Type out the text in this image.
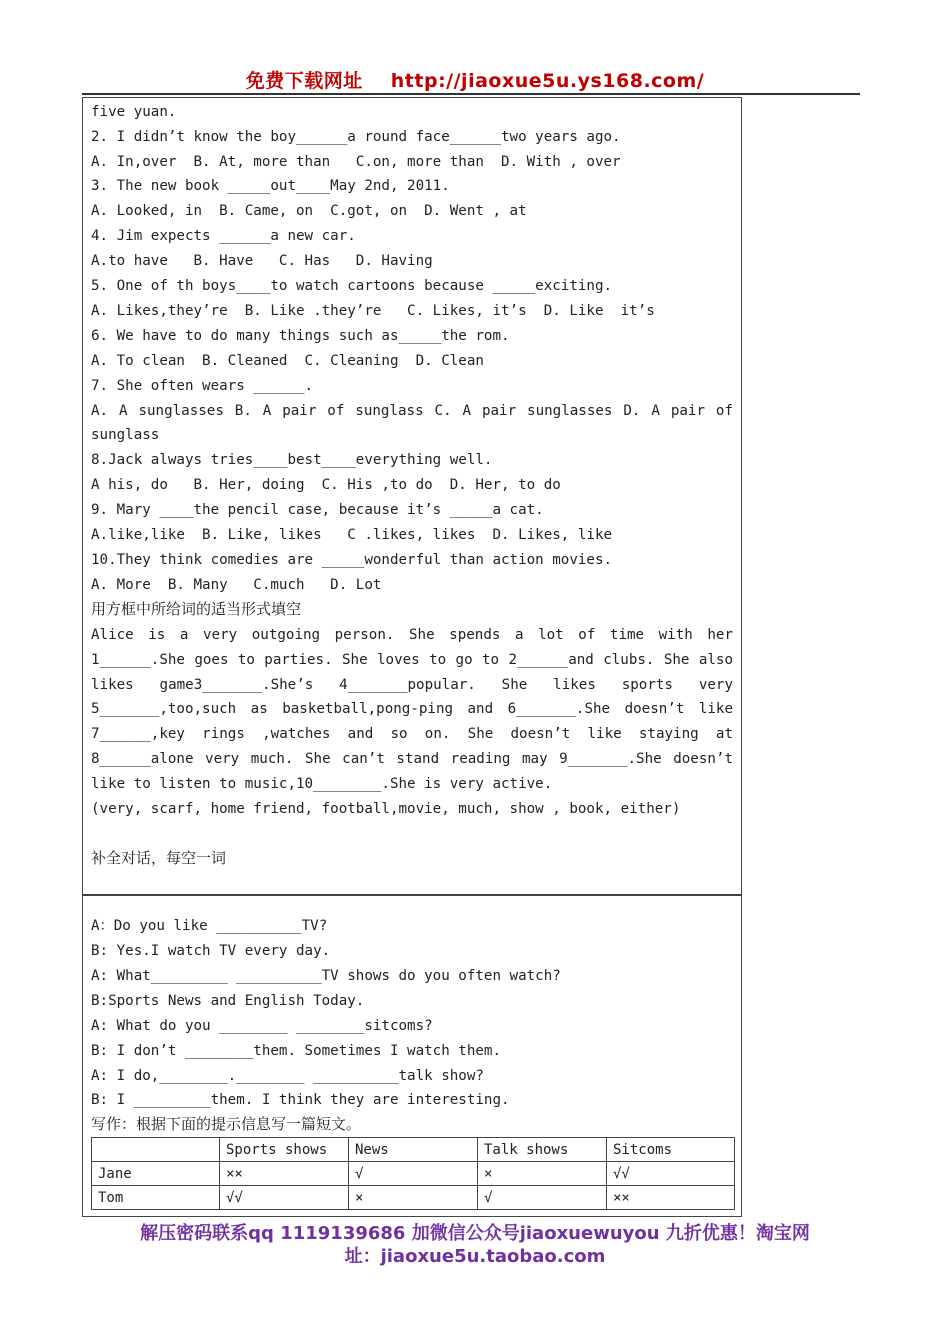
免费下载网址 http://jiaoxue5u.ys168.com/
five yuan.
2. I didn’t know the boy______a round face______two years ago.
A. In,over  B. At, more than   C.on, more than  D. With , over
3. The new book _____out____May 2nd, 2011.
A. Looked, in  B. Came, on  C.got, on  D. Went , at
4. Jim expects ______a new car.
A.to have   B. Have   C. Has   D. Having
5. One of th boys____to watch cartoons because _____exciting.
A. Likes,they’re  B. Like .they’re   C. Likes, it’s  D. Like  it’s
6. We have to do many things such as_____the rom.
A. To clean  B. Cleaned  C. Cleaning  D. Clean
7. She often wears ______.
A. A sunglasses B. A pair of sunglass C. A pair sunglasses D. A pair of
sunglass
8.Jack always tries____best____everything well.
A his, do   B. Her, doing  C. His ,to do  D. Her, to do
9. Mary ____the pencil case, because it’s _____a cat.
A.like,like  B. Like, likes   C .likes, likes  D. Likes, like
10.They think comedies are _____wonderful than action movies.
A. More  B. Many   C.much   D. Lot
用方框中所给词的适当形式填空
Alice is a very outgoing person. She spends a lot of time with her
1______.She goes to parties. She loves to go to 2______and clubs. She also
likes game3_______.She’s 4_______popular. She likes sports very
5_______,too,such as basketball,pong-ping and 6_______.She doesn’t like
7______,key rings ,watches and so on. She doesn’t like staying at
8______alone very much. She can’t stand reading may 9_______.She doesn’t
like to listen to music,10________.She is very active.
(very, scarf, home friend, football,movie, much, show , book, either)
补全对话，每空一词
A：Do you like __________TV?
B: Yes.I watch TV every day.
A: What_________ __________TV shows do you often watch?
B:Sports News and English Today.
A: What do you ________ ________sitcoms?
B: I don’t ________them. Sometimes I watch them.
A: I do,________.________ __________talk show?
B: I _________them. I think they are interesting.
写作：根据下面的提示信息写一篇短文。
	Sports shows	News	Talk shows	Sitcoms
Jane	××	√	×	√√
Tom	√√	×	√	××
解压密码联系qq 1119139686 加微信公众号jiaoxuewuyou 九折优惠！淘宝网
址：jiaoxue5u.taobao.com
